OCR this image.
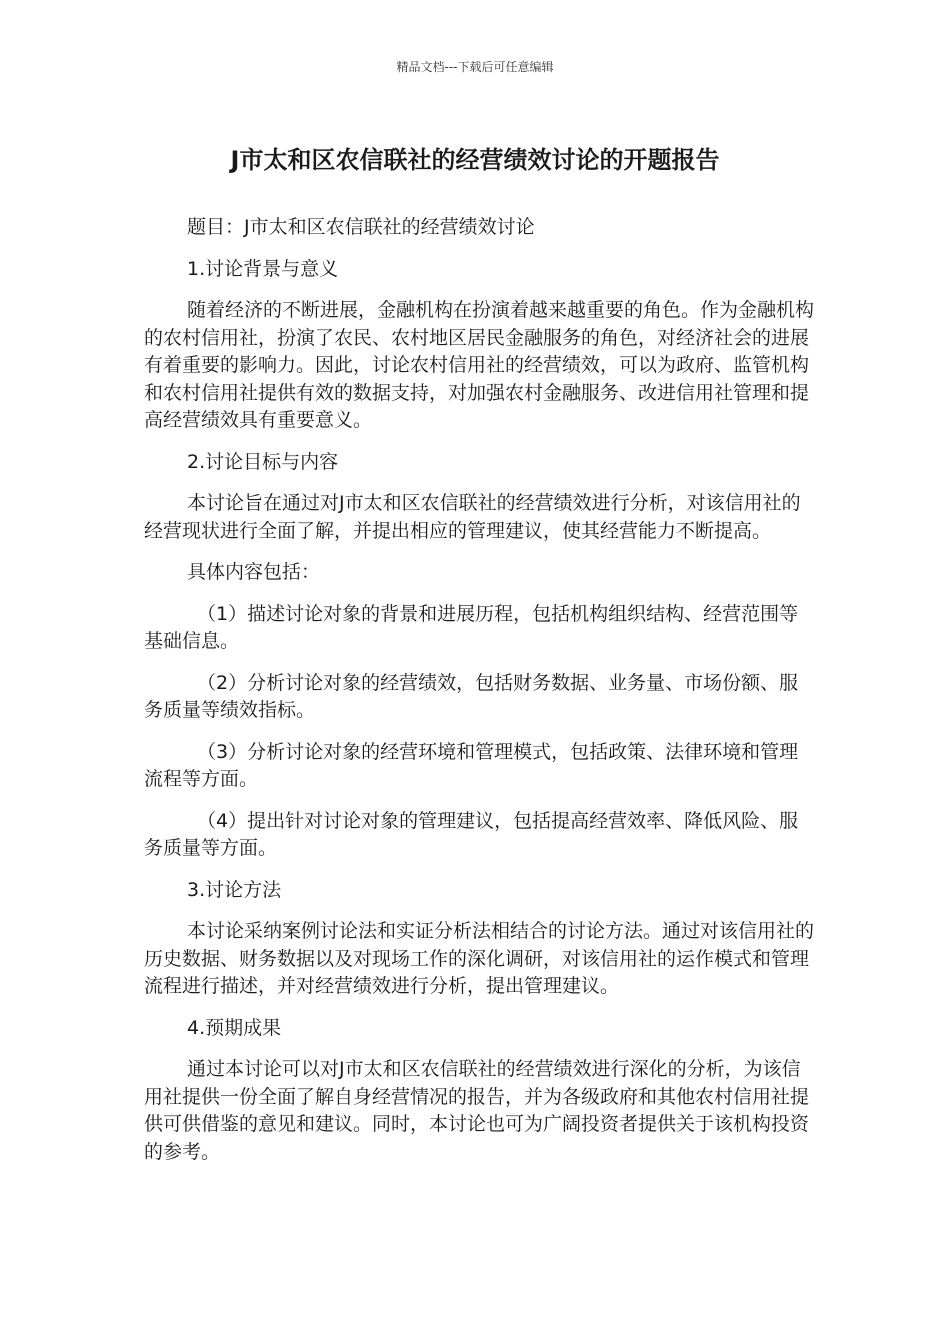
精品文档---下载后可任意编辑
J市太和区农信联社的经营绩效讨论的开题报告

题目：J市太和区农信联社的经营绩效讨论

1.讨论背景与意义

随着经济的不断进展，金融机构在扮演着越来越重要的角色。作为金融机构的农村信用社，扮演了农民、农村地区居民金融服务的角色，对经济社会的进展有着重要的影响力。因此，讨论农村信用社的经营绩效，可以为政府、监管机构和农村信用社提供有效的数据支持，对加强农村金融服务、改进信用社管理和提高经营绩效具有重要意义。

2.讨论目标与内容

本讨论旨在通过对J市太和区农信联社的经营绩效进行分析，对该信用社的经营现状进行全面了解，并提出相应的管理建议，使其经营能力不断提高。

具体内容包括：

（1）描述讨论对象的背景和进展历程，包括机构组织结构、经营范围等基础信息。

（2）分析讨论对象的经营绩效，包括财务数据、业务量、市场份额、服务质量等绩效指标。

（3）分析讨论对象的经营环境和管理模式，包括政策、法律环境和管理流程等方面。

（4）提出针对讨论对象的管理建议，包括提高经营效率、降低风险、服务质量等方面。

3.讨论方法

本讨论采纳案例讨论法和实证分析法相结合的讨论方法。通过对该信用社的历史数据、财务数据以及对现场工作的深化调研，对该信用社的运作模式和管理流程进行描述，并对经营绩效进行分析，提出管理建议。

4.预期成果

通过本讨论可以对J市太和区农信联社的经营绩效进行深化的分析，为该信用社提供一份全面了解自身经营情况的报告，并为各级政府和其他农村信用社提供可供借鉴的意见和建议。同时，本讨论也可为广阔投资者提供关于该机构投资的参考。
